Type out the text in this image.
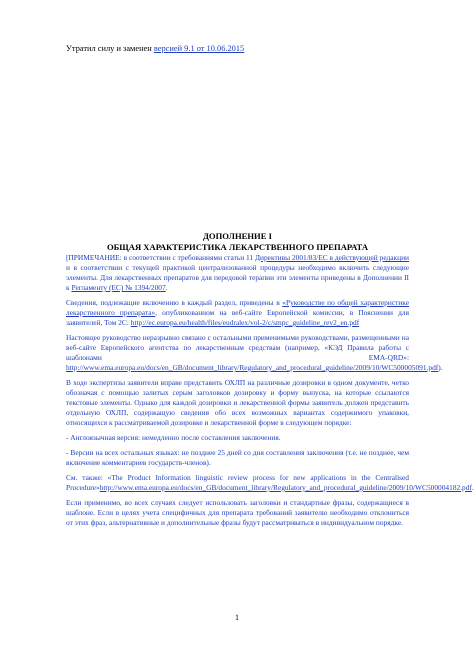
Утратил силу и заменен версией 9.1 от 10.06.2015
ДОПОЛНЕНИЕ I
ОБЩАЯ ХАРАКТЕРИСТИКА ЛЕКАРСТВЕННОГО ПРЕПАРАТА

[ПРИМЕЧАНИЕ: в соответствии с требованиями статьи 11 Директивы 2001/83/ЕС в действующей редакции и в соответствии с текущей практикой централизованной процедуры необходимо включить следующие элементы. Для лекарственных препаратов для передовой терапии эти элементы приведены в Дополнении II к Регламенту (ЕС) № 1394/2007.

Сведения, подлежащие включению в каждый раздел, приведены в «Руководстве по общей характеристике лекарственного препарата», опубликованном на веб-сайте Европейской комиссии, в Пояснении для заявителей, Том 2С: http://ec.europa.eu/health/files/eudralex/vol-2/c/smpc_guideline_rev2_en.pdf

Настоящее руководство неразрывно связано с остальными применимыми руководствами, размещенными на веб-сайте Европейского агентства по лекарственным средствам (например, «КЭД Правила работы с шаблонами EMA-QRD»: http://www.ema.europa.eu/docs/en_GB/document_library/Regulatory_and_procedural_guideline/2009/10/WC500005091.pdf).

В ходе экспертизы заявители вправе представить ОХЛП на различные дозировки в одном документе, четко обозначая с помощью залитых серым заголовков дозировку и форму выпуска, на которые ссылаются текстовые элементы. Однако для каждой дозировки и лекарственной формы заявитель должен представить отдельную ОХЛП, содержащую сведения обо всех возможных вариантах содержимого упаковки, относящихся к рассматриваемой дозировке и лекарственной форме в следующем порядке:

- Англоязычная версия: немедленно после составления заключения.

- Версии на всех остальных языках: не позднее 25 дней со дня составления заключения (т.е. не позднее, чем включение комментариев государств-членов).

См. также: «The Product Information linguistic review process for new applications in the Centralised Procedure»http://www.ema.europa.eu/docs/en_GB/document_library/Regulatory_and_procedural_guideline/2009/10/WC500004182.pdf.

Если применимо, во всех случаях следует использовать заголовки и стандартные фразы, содержащиеся в шаблоне. Если в целях учета специфичных для препарата требований заявителю необходимо отклониться от этих фраз, альтернативные и дополнительные фразы будут рассматриваться в индивидуальном порядке.

1
